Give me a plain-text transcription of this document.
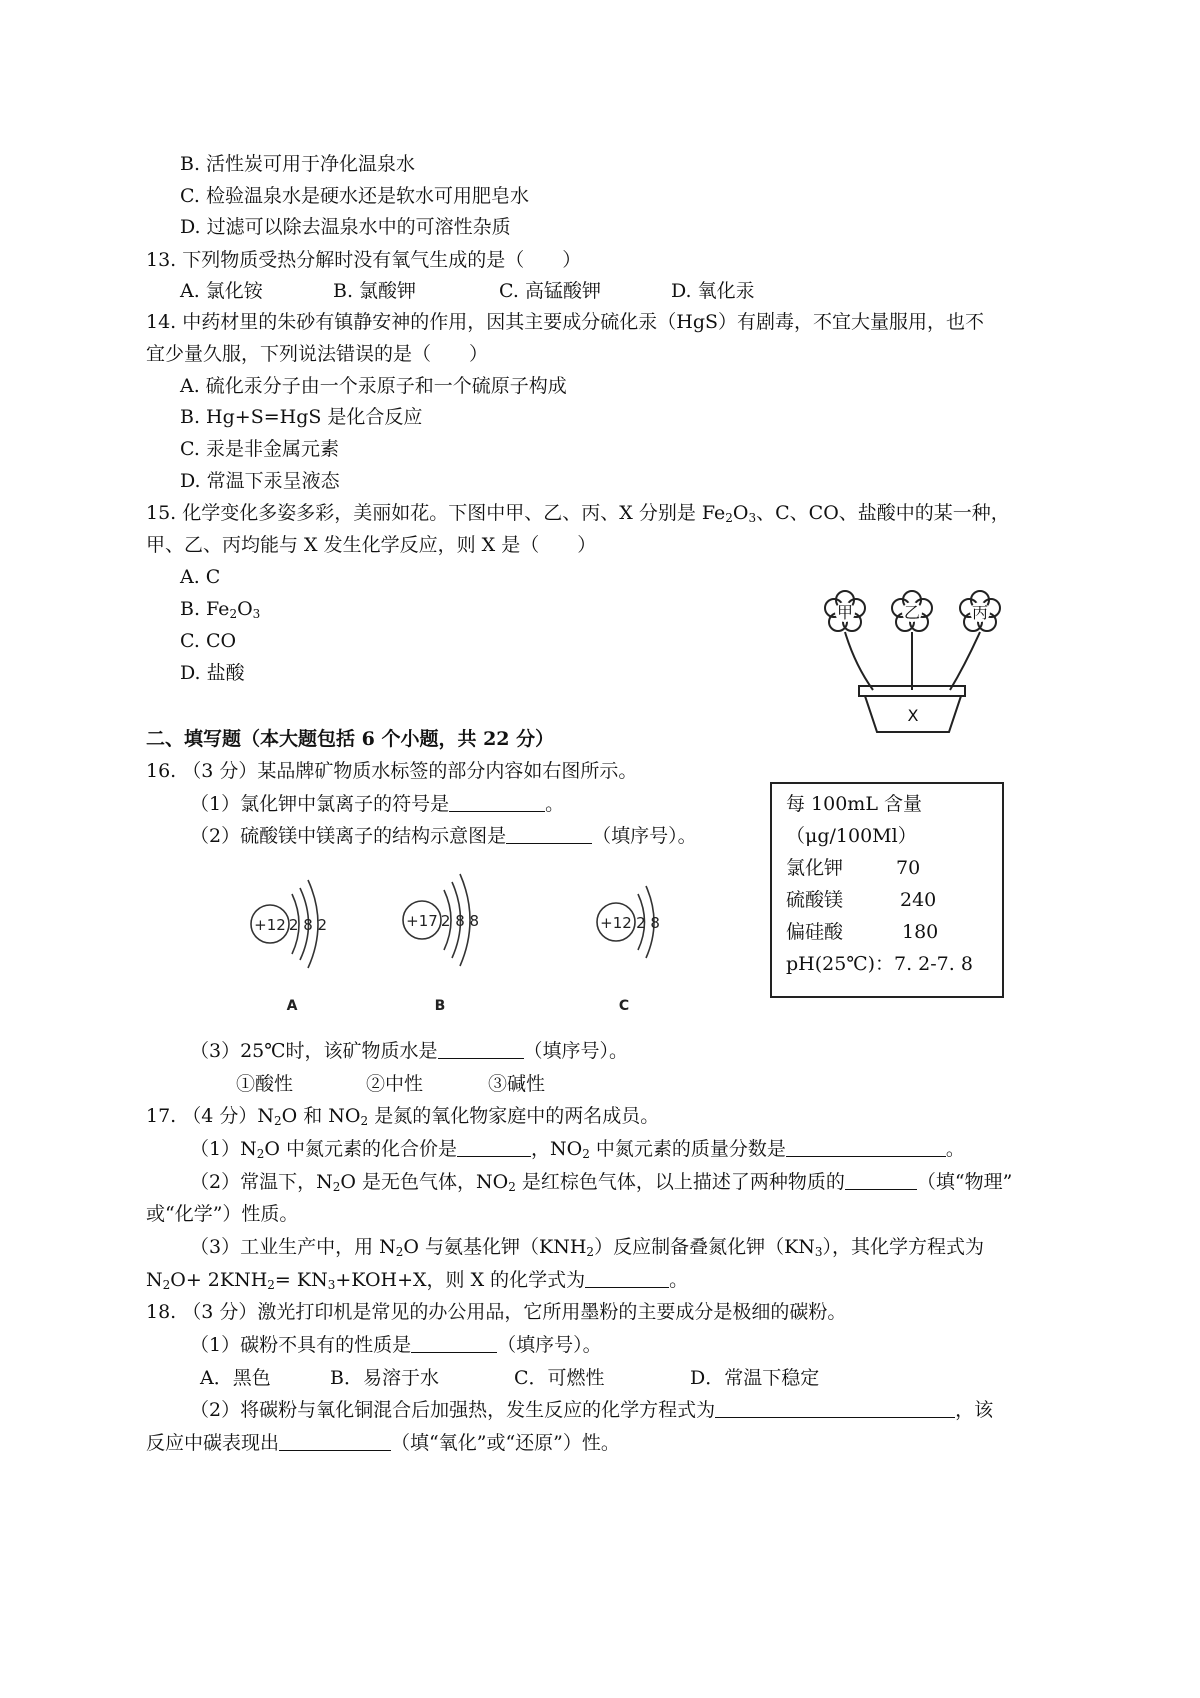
B. 活性炭可用于净化温泉水
C. 检验温泉水是硬水还是软水可用肥皂水
D. 过滤可以除去温泉水中的可溶性杂质
13. 下列物质受热分解时没有氧气生成的是（　　）
A. 氯化铵	B. 氯酸钾	C. 高锰酸钾	D. 氧化汞
14. 中药材里的朱砂有镇静安神的作用，因其主要成分硫化汞（HgS）有剧毒，不宜大量服用，也不
宜少量久服，下列说法错误的是（　　）
A. 硫化汞分子由一个汞原子和一个硫原子构成
B. Hg+S=HgS 是化合反应
C. 汞是非金属元素
D. 常温下汞呈液态
15. 化学变化多姿多彩，美丽如花。下图中甲、乙、丙、X 分别是 $Fe_2O_3$、C、CO、盐酸中的某一种，
甲、乙、丙均能与 X 发生化学反应，则 X 是（　　）
A. C
B. $Fe_2O_3$
C. CO
D. 盐酸
甲	乙	丙
X
二、填写题（本大题包括 6 个小题，共 22 分）
16. （3 分）某品牌矿物质水标签的部分内容如右图所示。
（1）氯化钾中氯离子的符号是	。
（2）硫酸镁中镁离子的结构示意图是	（填序号）。
+12 2 8 2	+17 2 8 8	+12 2 8
A	B	C
每 100mL 含量
（μg/100Ml）
氯化钾	70
硫酸镁	240
偏硅酸	180
pH(25℃)：7. 2-7. 8
（3）25℃时，该矿物质水是	（填序号）。
①酸性	②中性	③碱性
17. （4 分）$N_2O$ 和 $NO_2$ 是氮的氧化物家庭中的两名成员。
$(1)N_2O$ 中氮元素的化合价是	，$NO_2$ 中氮元素的质量分数是	。
（2）常温下，$N_2O$ 是无色气体，$NO_2$ 是红棕色气体，以上描述了两种物质的	（填“物理”
或“化学”）性质。
（3）工业生产中，用 $N_2O$ 与氨基化钾$(KNH_2)$反应制备叠氮化钾$(KN_3)$，其化学方程式为
$N_2O+ 2KNH_2= KN_3+KOH+X$，则 X 的化学式为	。
18. （3 分）激光打印机是常见的办公用品，它所用墨粉的主要成分是极细的碳粉。
（1）碳粉不具有的性质是	（填序号）。
A．黑色	B．易溶于水	C．可燃性	D．常温下稳定
（2）将碳粉与氧化铜混合后加强热，发生反应的化学方程式为	，该
反应中碳表现出	（填“氧化”或“还原”）性。
